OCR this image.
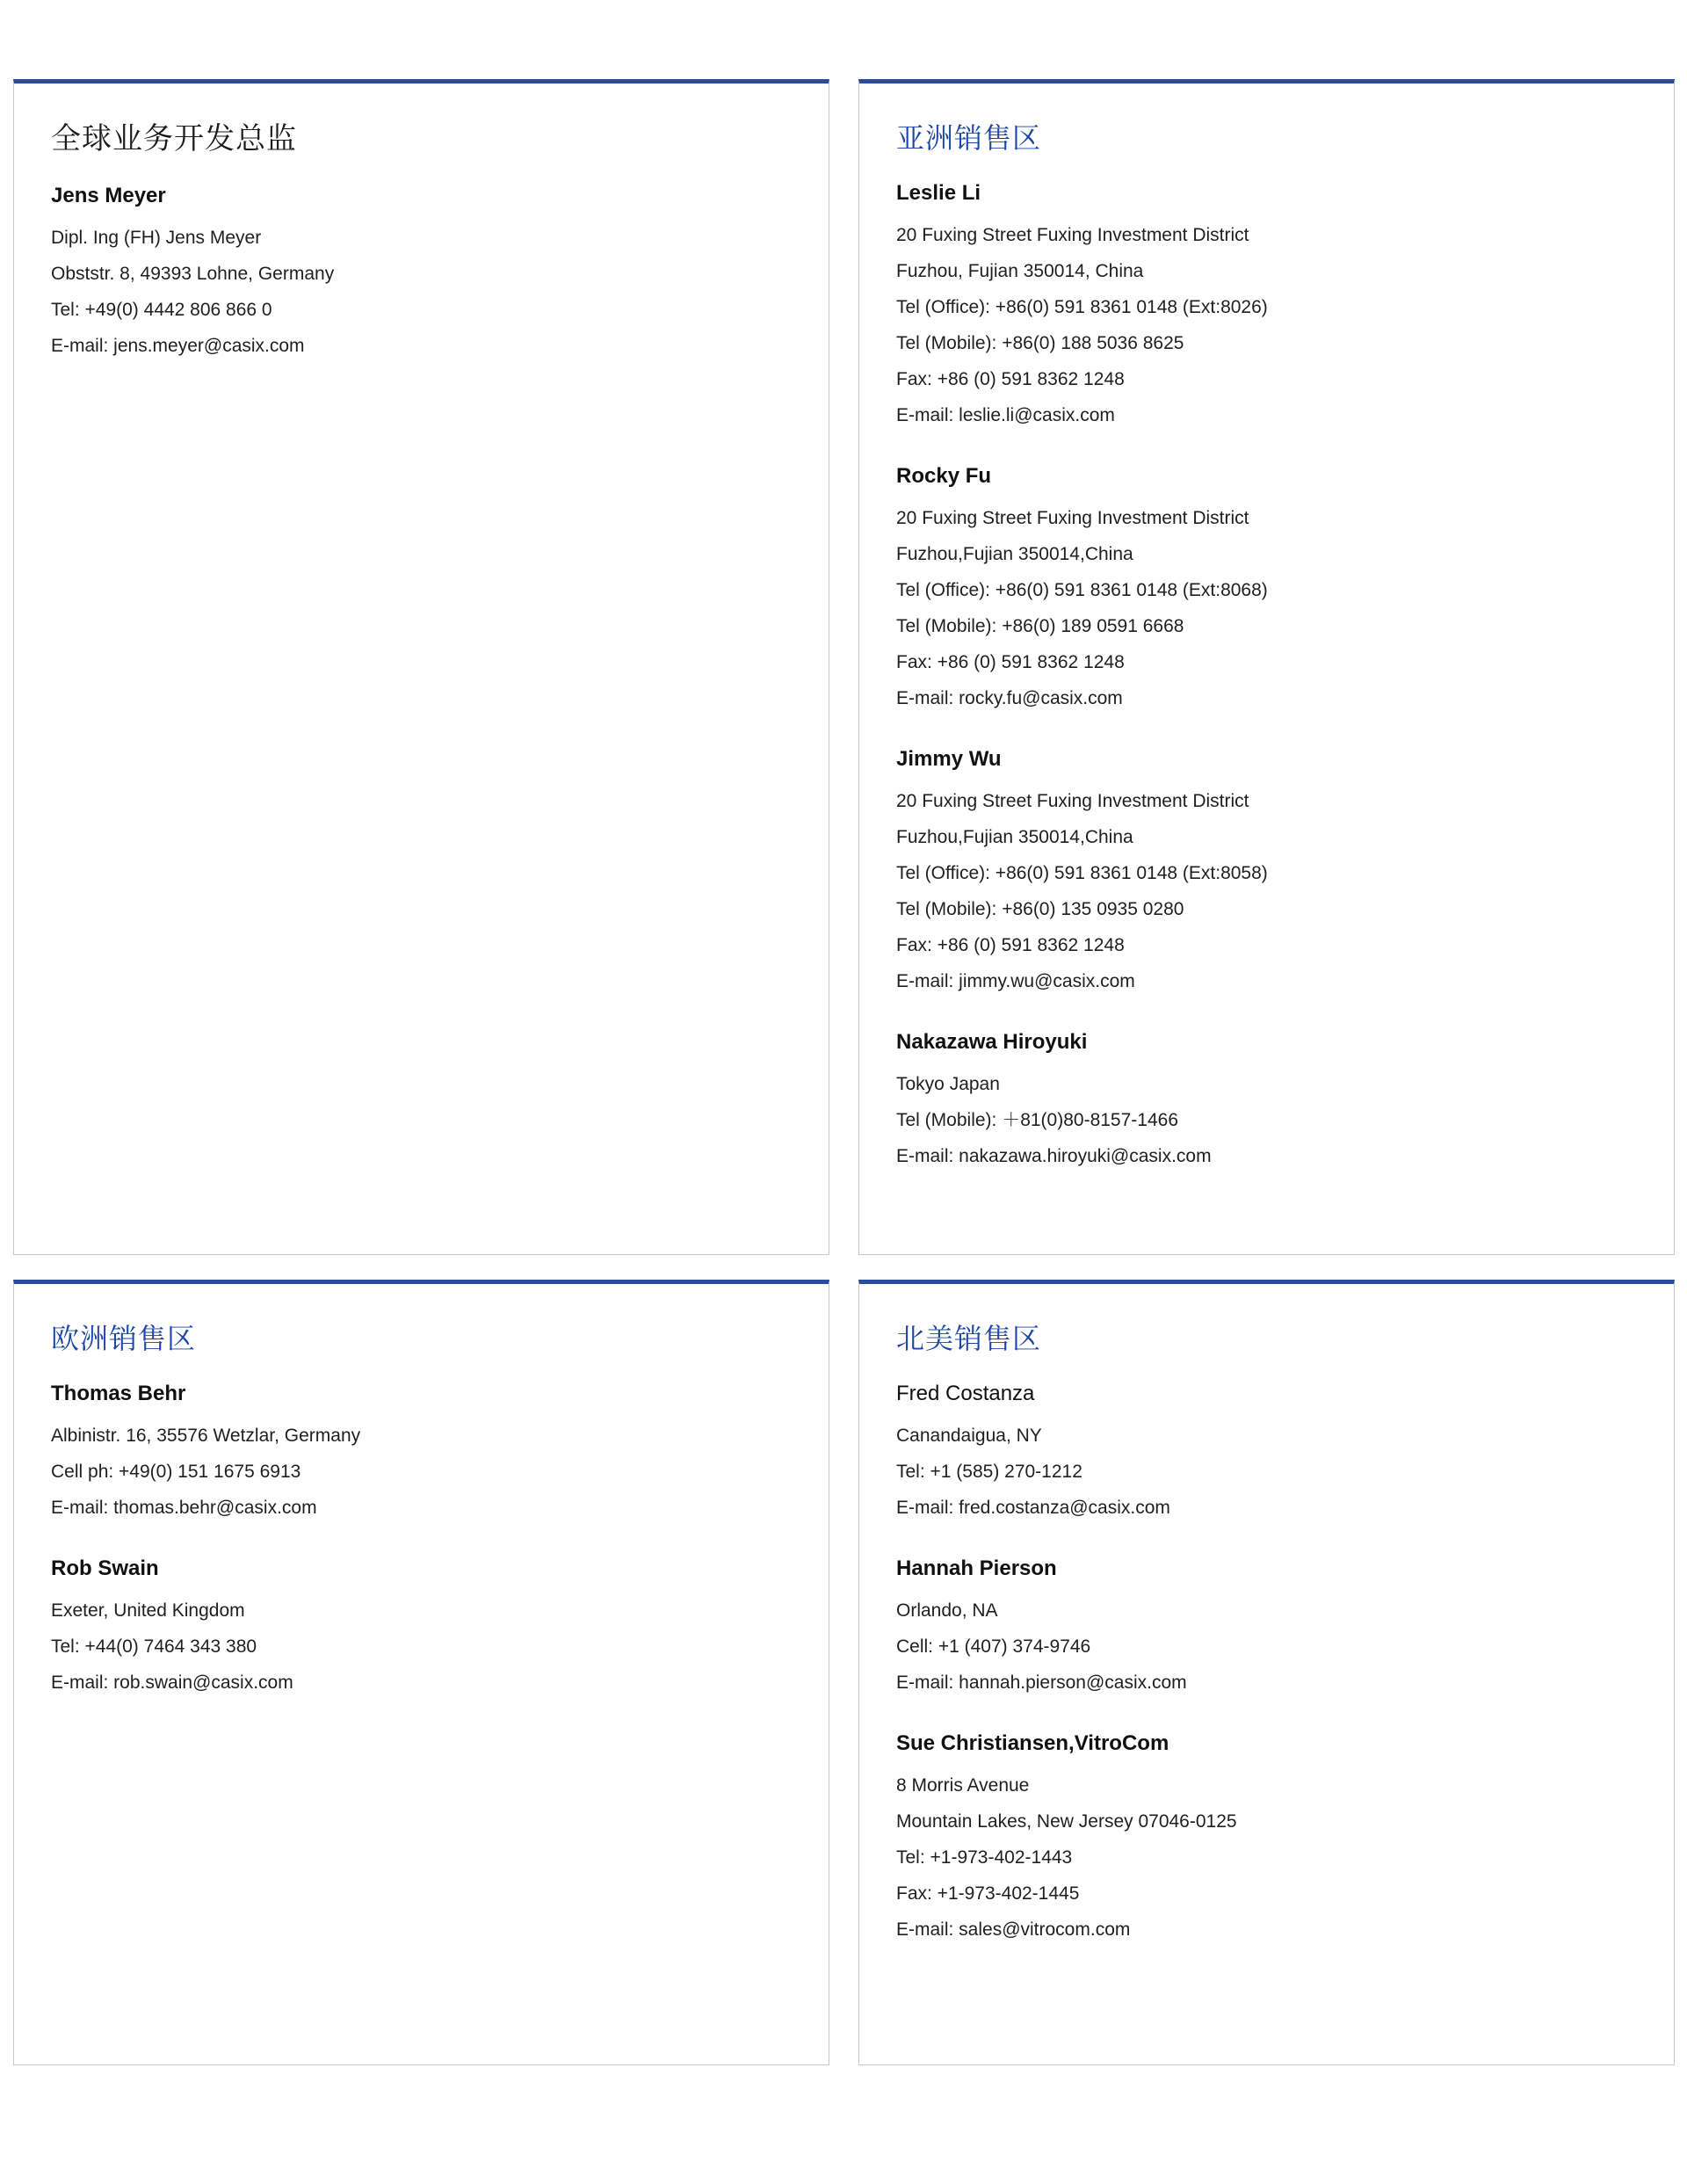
全球业务开发总监
Jens Meyer
Dipl. Ing (FH) Jens Meyer
Obststr. 8, 49393 Lohne, Germany
Tel: +49(0) 4442 806 866 0
E-mail: jens.meyer@casix.com
亚洲销售区
Leslie Li
20 Fuxing Street Fuxing Investment District
Fuzhou, Fujian 350014, China
Tel (Office): +86(0) 591 8361 0148 (Ext:8026)
Tel (Mobile): +86(0) 188 5036 8625
Fax: +86 (0) 591 8362 1248
E-mail: leslie.li@casix.com
Rocky Fu
20 Fuxing Street Fuxing Investment District
Fuzhou,Fujian 350014,China
Tel (Office): +86(0) 591 8361 0148 (Ext:8068)
Tel (Mobile): +86(0) 189 0591 6668
Fax: +86 (0) 591 8362 1248
E-mail: rocky.fu@casix.com
Jimmy Wu
20 Fuxing Street Fuxing Investment District
Fuzhou,Fujian 350014,China
Tel (Office): +86(0) 591 8361 0148 (Ext:8058)
Tel (Mobile): +86(0) 135 0935 0280
Fax: +86 (0) 591 8362 1248
E-mail: jimmy.wu@casix.com
Nakazawa Hiroyuki
Tokyo Japan
Tel (Mobile): ＋81(0)80-8157-1466
E-mail: nakazawa.hiroyuki@casix.com
欧洲销售区
Thomas Behr
Albinistr. 16, 35576 Wetzlar, Germany
Cell ph: +49(0) 151 1675 6913
E-mail: thomas.behr@casix.com
Rob Swain
Exeter, United Kingdom
Tel: +44(0) 7464 343 380
E-mail: rob.swain@casix.com
北美销售区
Fred Costanza
Canandaigua, NY
Tel: +1 (585) 270-1212
E-mail: fred.costanza@casix.com
Hannah Pierson
Orlando, NA
Cell: +1 (407) 374-9746
E-mail: hannah.pierson@casix.com
Sue Christiansen,VitroCom
8 Morris Avenue
Mountain Lakes, New Jersey 07046-0125
Tel: +1-973-402-1443
Fax: +1-973-402-1445
E-mail: sales@vitrocom.com
